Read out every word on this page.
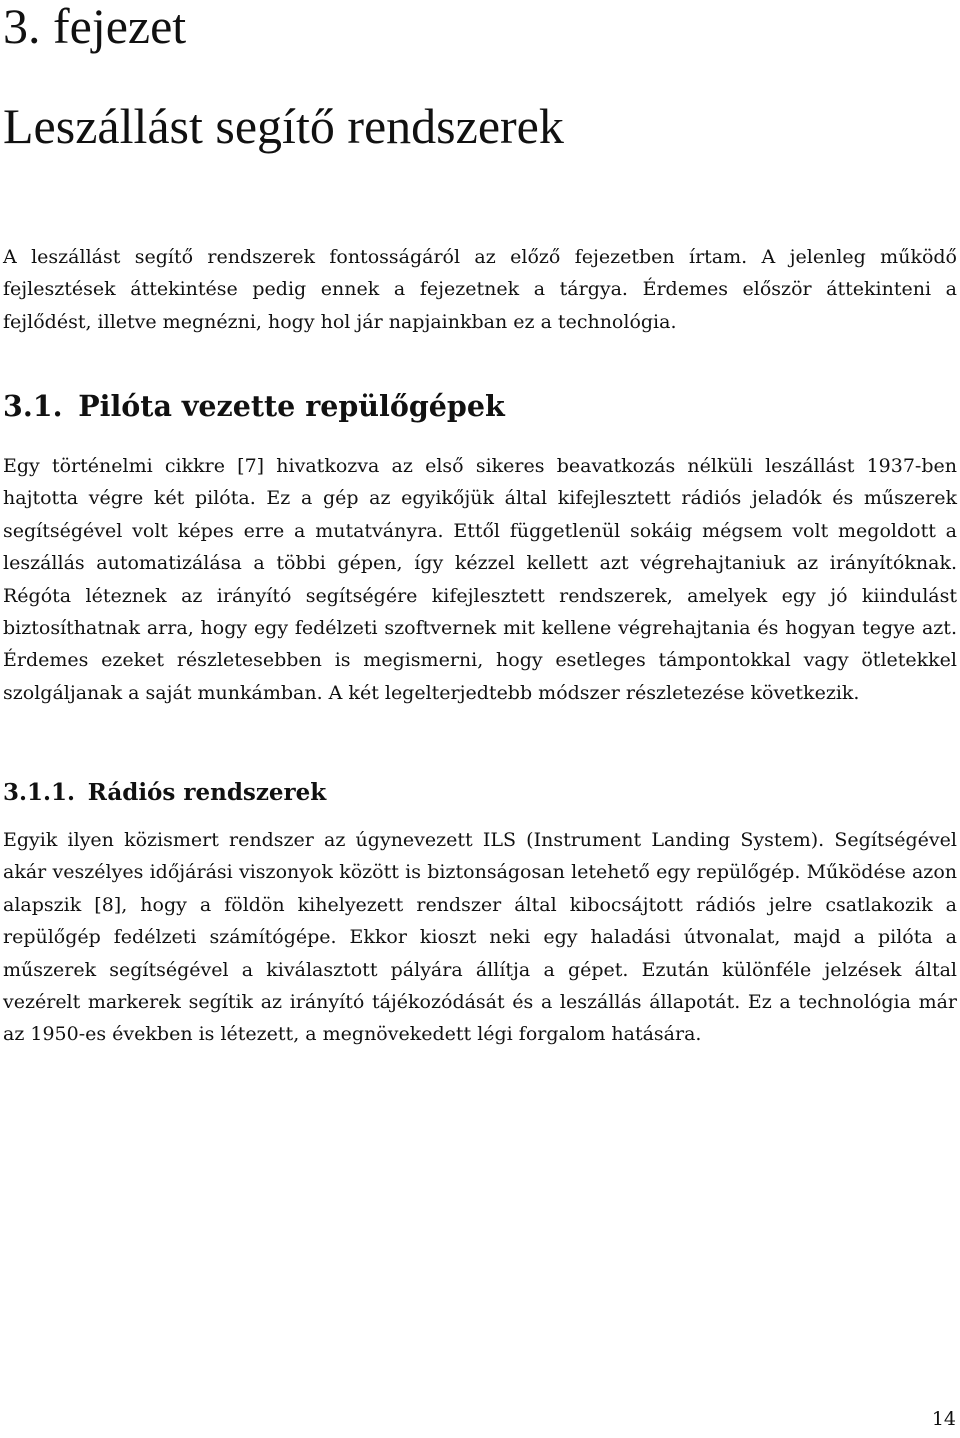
3. fejezet
Leszállást segítő rendszerek

A leszállást segítő rendszerek fontosságáról az előző fejezetben írtam. A jelenleg működő fejlesztések áttekintése pedig ennek a fejezetnek a tárgya. Érdemes először áttekinteni a fejlődést, illetve megnézni, hogy hol jár napjainkban ez a technológia.

3.1. Pilóta vezette repülőgépek

Egy történelmi cikkre [7] hivatkozva az első sikeres beavatkozás nélküli leszállást 1937-ben hajtotta végre két pilóta. Ez a gép az egyikőjük által kifejlesztett rádiós jeladók és műszerek segítségével volt képes erre a mutatványra. Ettől függetlenül sokáig mégsem volt megoldott a leszállás automatizálása a többi gépen, így kézzel kellett azt végrehajtaniuk az irányítóknak. Régóta léteznek az irányító segítségére kifejlesztett rendszerek, amelyek egy jó kiindulást biztosíthatnak arra, hogy egy fedélzeti szoftvernek mit kellene végrehajtania és hogyan tegye azt. Érdemes ezeket részletesebben is megismerni, hogy esetleges támpontokkal vagy ötletekkel szolgáljanak a saját munkámban. A két legelterjedtebb módszer részletezése következik.

3.1.1. Rádiós rendszerek

Egyik ilyen közismert rendszer az úgynevezett ILS (Instrument Landing System). Segítségével akár veszélyes időjárási viszonyok között is biztonságosan letehető egy repülőgép. Működése azon alapszik [8], hogy a földön kihelyezett rendszer által kibocsájtott rádiós jelre csatlakozik a repülőgép fedélzeti számítógépe. Ekkor kioszt neki egy haladási útvonalat, majd a pilóta a műszerek segítségével a kiválasztott pályára állítja a gépet. Ezután különféle jelzések által vezérelt markerek segítik az irányító tájékozódását és a leszállás állapotát. Ez a technológia már az 1950-es években is létezett, a megnövekedett légi forgalom hatására.

14
